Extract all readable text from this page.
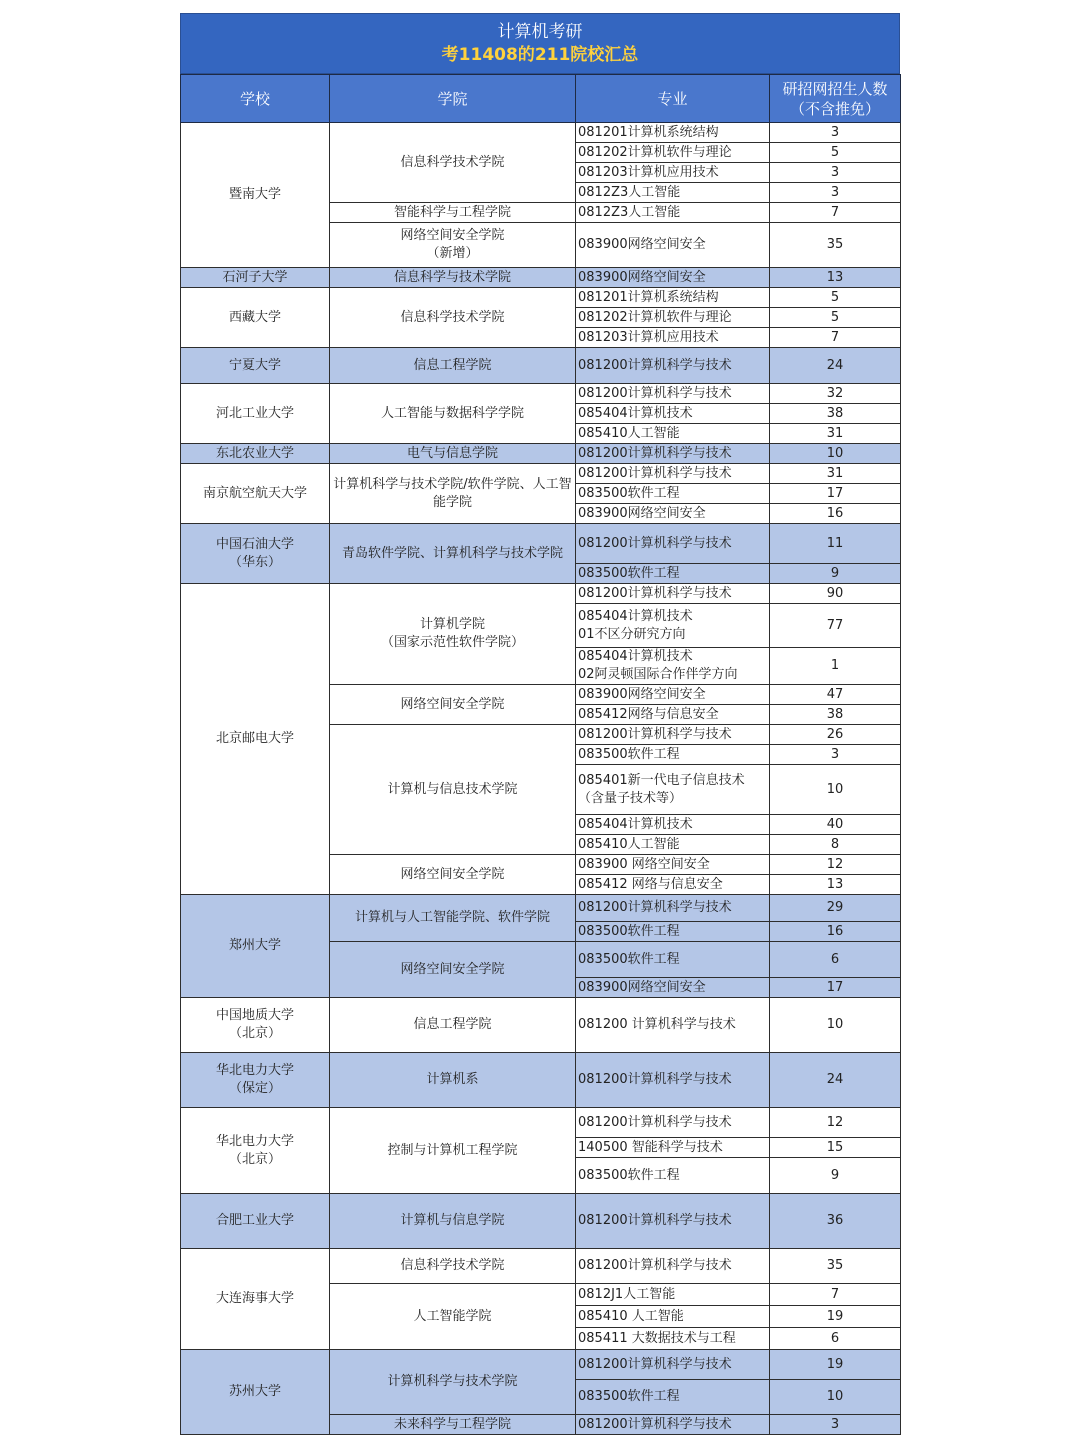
计算机考研
考11408的211院校汇总
学校	学院	专业	研招网招生人数
（不含推免）

暨南大学	信息科学技术学院	081201计算机系统结构	3
		081202计算机软件与理论	5
		081203计算机应用技术	3
		0812Z3人工智能	3
	智能科学与工程学院	0812Z3人工智能	7
	网络空间安全学院
（新增）	083900网络空间安全	35
石河子大学	信息科学与技术学院	083900网络空间安全	13
西藏大学	信息科学技术学院	081201计算机系统结构	5
		081202计算机软件与理论	5
		081203计算机应用技术	7
宁夏大学	信息工程学院	081200计算机科学与技术	24
河北工业大学	人工智能与数据科学学院	081200计算机科学与技术	32
		085404计算机技术	38
		085410人工智能	31
东北农业大学	电气与信息学院	081200计算机科学与技术	10
南京航空航天大学	计算机科学与技术学院/软件学院、人工智能学院	081200计算机科学与技术	31
		083500软件工程	17
		083900网络空间安全	16
中国石油大学
（华东）	青岛软件学院、计算机科学与技术学院	081200计算机科学与技术	11
		083500软件工程	9
北京邮电大学	计算机学院
（国家示范性软件学院）	081200计算机科学与技术	90
		085404计算机技术
01不区分研究方向	77
		085404计算机技术
02阿灵顿国际合作伴学方向	1
	网络空间安全学院	083900网络空间安全	47
		085412网络与信息安全	38
	计算机与信息技术学院	081200计算机科学与技术	26
		083500软件工程	3
		085401新一代电子信息技术
（含量子技术等）	10
		085404计算机技术	40
		085410人工智能	8
	网络空间安全学院	083900 网络空间安全	12
		085412 网络与信息安全	13
郑州大学	计算机与人工智能学院、软件学院	081200计算机科学与技术	29
		083500软件工程	16
	网络空间安全学院	083500软件工程	6
		083900网络空间安全	17
中国地质大学
（北京）	信息工程学院	081200 计算机科学与技术	10
华北电力大学
（保定）	计算机系	081200计算机科学与技术	24
华北电力大学
（北京）	控制与计算机工程学院	081200计算机科学与技术	12
		140500 智能科学与技术	15
		083500软件工程	9
合肥工业大学	计算机与信息学院	081200计算机科学与技术	36
大连海事大学	信息科学技术学院	081200计算机科学与技术	35
	人工智能学院	0812J1人工智能	7
		085410 人工智能	19
		085411 大数据技术与工程	6
苏州大学	计算机科学与技术学院	081200计算机科学与技术	19
		083500软件工程	10
	未来科学与工程学院	081200计算机科学与技术	3
